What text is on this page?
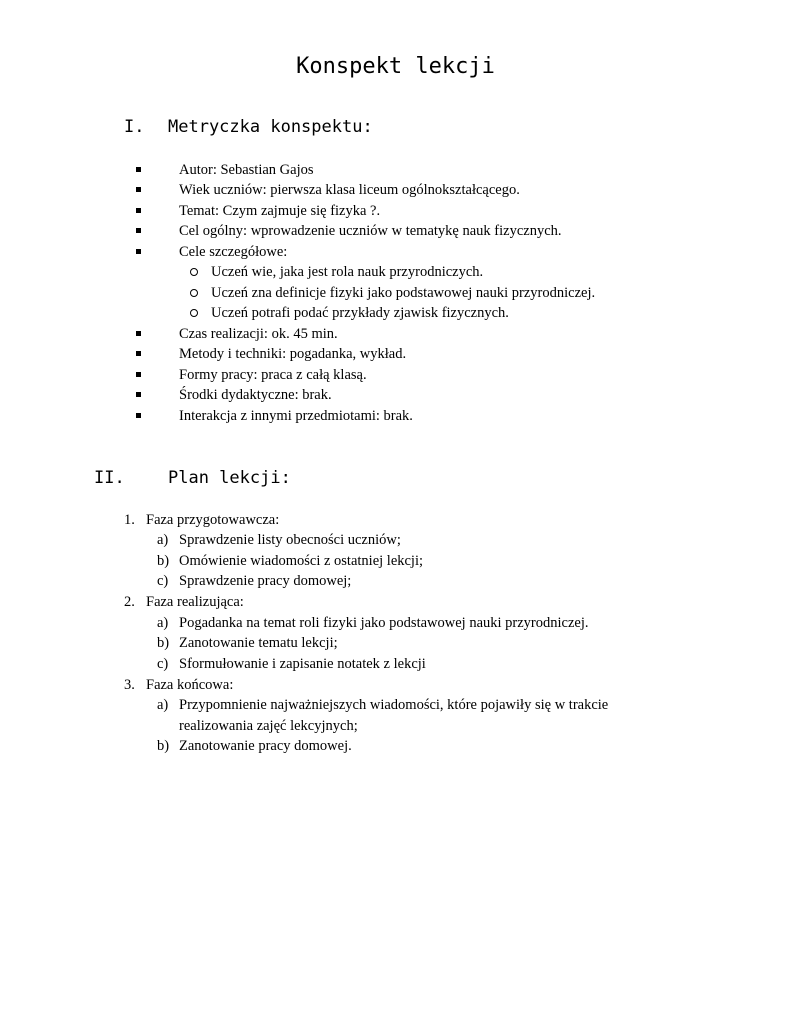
Konspekt lekcji
I. Metryczka konspektu:
Autor: Sebastian Gajos
Wiek uczniów: pierwsza klasa liceum ogólnokształcącego.
Temat: Czym zajmuje się fizyka ?.
Cel ogólny: wprowadzenie uczniów w tematykę nauk fizycznych.
Cele szczegółowe:
Uczeń wie, jaka jest rola nauk przyrodniczych.
Uczeń zna definicje fizyki jako podstawowej nauki przyrodniczej.
Uczeń potrafi podać przykłady zjawisk fizycznych.
Czas realizacji: ok. 45 min.
Metody i techniki: pogadanka, wykład.
Formy pracy: praca z całą klasą.
Środki dydaktyczne: brak.
Interakcja z innymi przedmiotami: brak.
II.	Plan lekcji:
1. Faza przygotowawcza:
a) Sprawdzenie listy obecności uczniów;
b) Omówienie wiadomości z ostatniej lekcji;
c) Sprawdzenie pracy domowej;
2. Faza realizująca:
a) Pogadanka na temat roli fizyki jako podstawowej nauki przyrodniczej.
b) Zanotowanie tematu lekcji;
c) Sformułowanie i zapisanie notatek z lekcji
3. Faza końcowa:
a) Przypomnienie najważniejszych wiadomości, które pojawiły się w trakcie
realizowania zajęć lekcyjnych;
b) Zanotowanie pracy domowej.
